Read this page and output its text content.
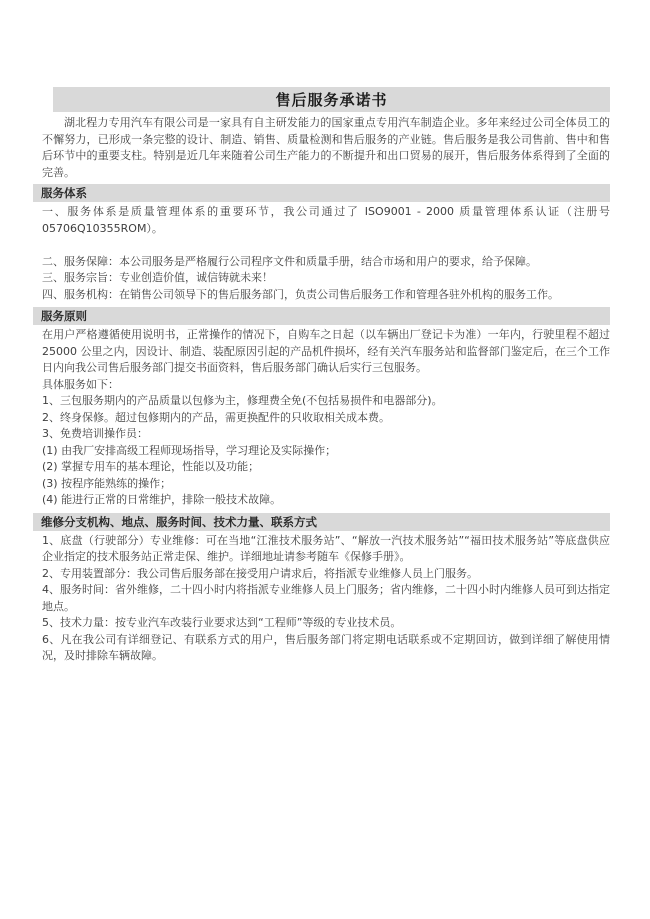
售后服务承诺书

湖北程力专用汽车有限公司是一家具有自主研发能力的国家重点专用汽车制造企业。多年来经过公司全体员工的不懈努力，已形成一条完整的设计、制造、销售、质量检测和售后服务的产业链。售后服务是我公司售前、售中和售后环节中的重要支柱。特别是近几年来随着公司生产能力的不断提升和出口贸易的展开，售后服务体系得到了全面的完善。

服务体系

一、服务体系是质量管理体系的重要环节，我公司通过了 ISO9001 - 2000 质量管理体系认证（注册号 05706Q10355ROM）。

二、服务保障：本公司服务是严格履行公司程序文件和质量手册，结合市场和用户的要求，给予保障。

三、服务宗旨：专业创造价值，诚信铸就未来！

四、服务机构：在销售公司领导下的售后服务部门，负责公司售后服务工作和管理各驻外机构的服务工作。

服务原则

在用户严格遵循使用说明书，正常操作的情况下，自购车之日起（以车辆出厂登记卡为准）一年内，行驶里程不超过 25000 公里之内，因设计、制造、装配原因引起的产品机件损坏，经有关汽车服务站和监督部门鉴定后，在三个工作日内向我公司售后服务部门提交书面资料，售后服务部门确认后实行三包服务。

具体服务如下：

1、三包服务期内的产品质量以包修为主，修理费全免(不包括易损件和电器部分)。

2、终身保修。超过包修期内的产品，需更换配件的只收取相关成本费。

3、免费培训操作员：

(1) 由我厂安排高级工程师现场指导，学习理论及实际操作；

(2) 掌握专用车的基本理论，性能以及功能；

(3) 按程序能熟练的操作；

(4) 能进行正常的日常维护，排除一般技术故障。

维修分支机构、地点、服务时间、技术力量、联系方式

1、底盘（行驶部分）专业维修：可在当地“江淮技术服务站”、“解放一汽技术服务站”“福田技术服务站”等底盘供应企业指定的技术服务站正常走保、维护。详细地址请参考随车《保修手册》。

2、专用装置部分：我公司售后服务部在接受用户请求后，将指派专业维修人员上门服务。

4、服务时间：省外维修，二十四小时内将指派专业维修人员上门服务；省内维修，二十四小时内维修人员可到达指定地点。

5、技术力量：按专业汽车改装行业要求达到“工程师”等级的专业技术员。

6、凡在我公司有详细登记、有联系方式的用户，售后服务部门将定期电话联系或不定期回访，做到详细了解使用情况，及时排除车辆故障。
